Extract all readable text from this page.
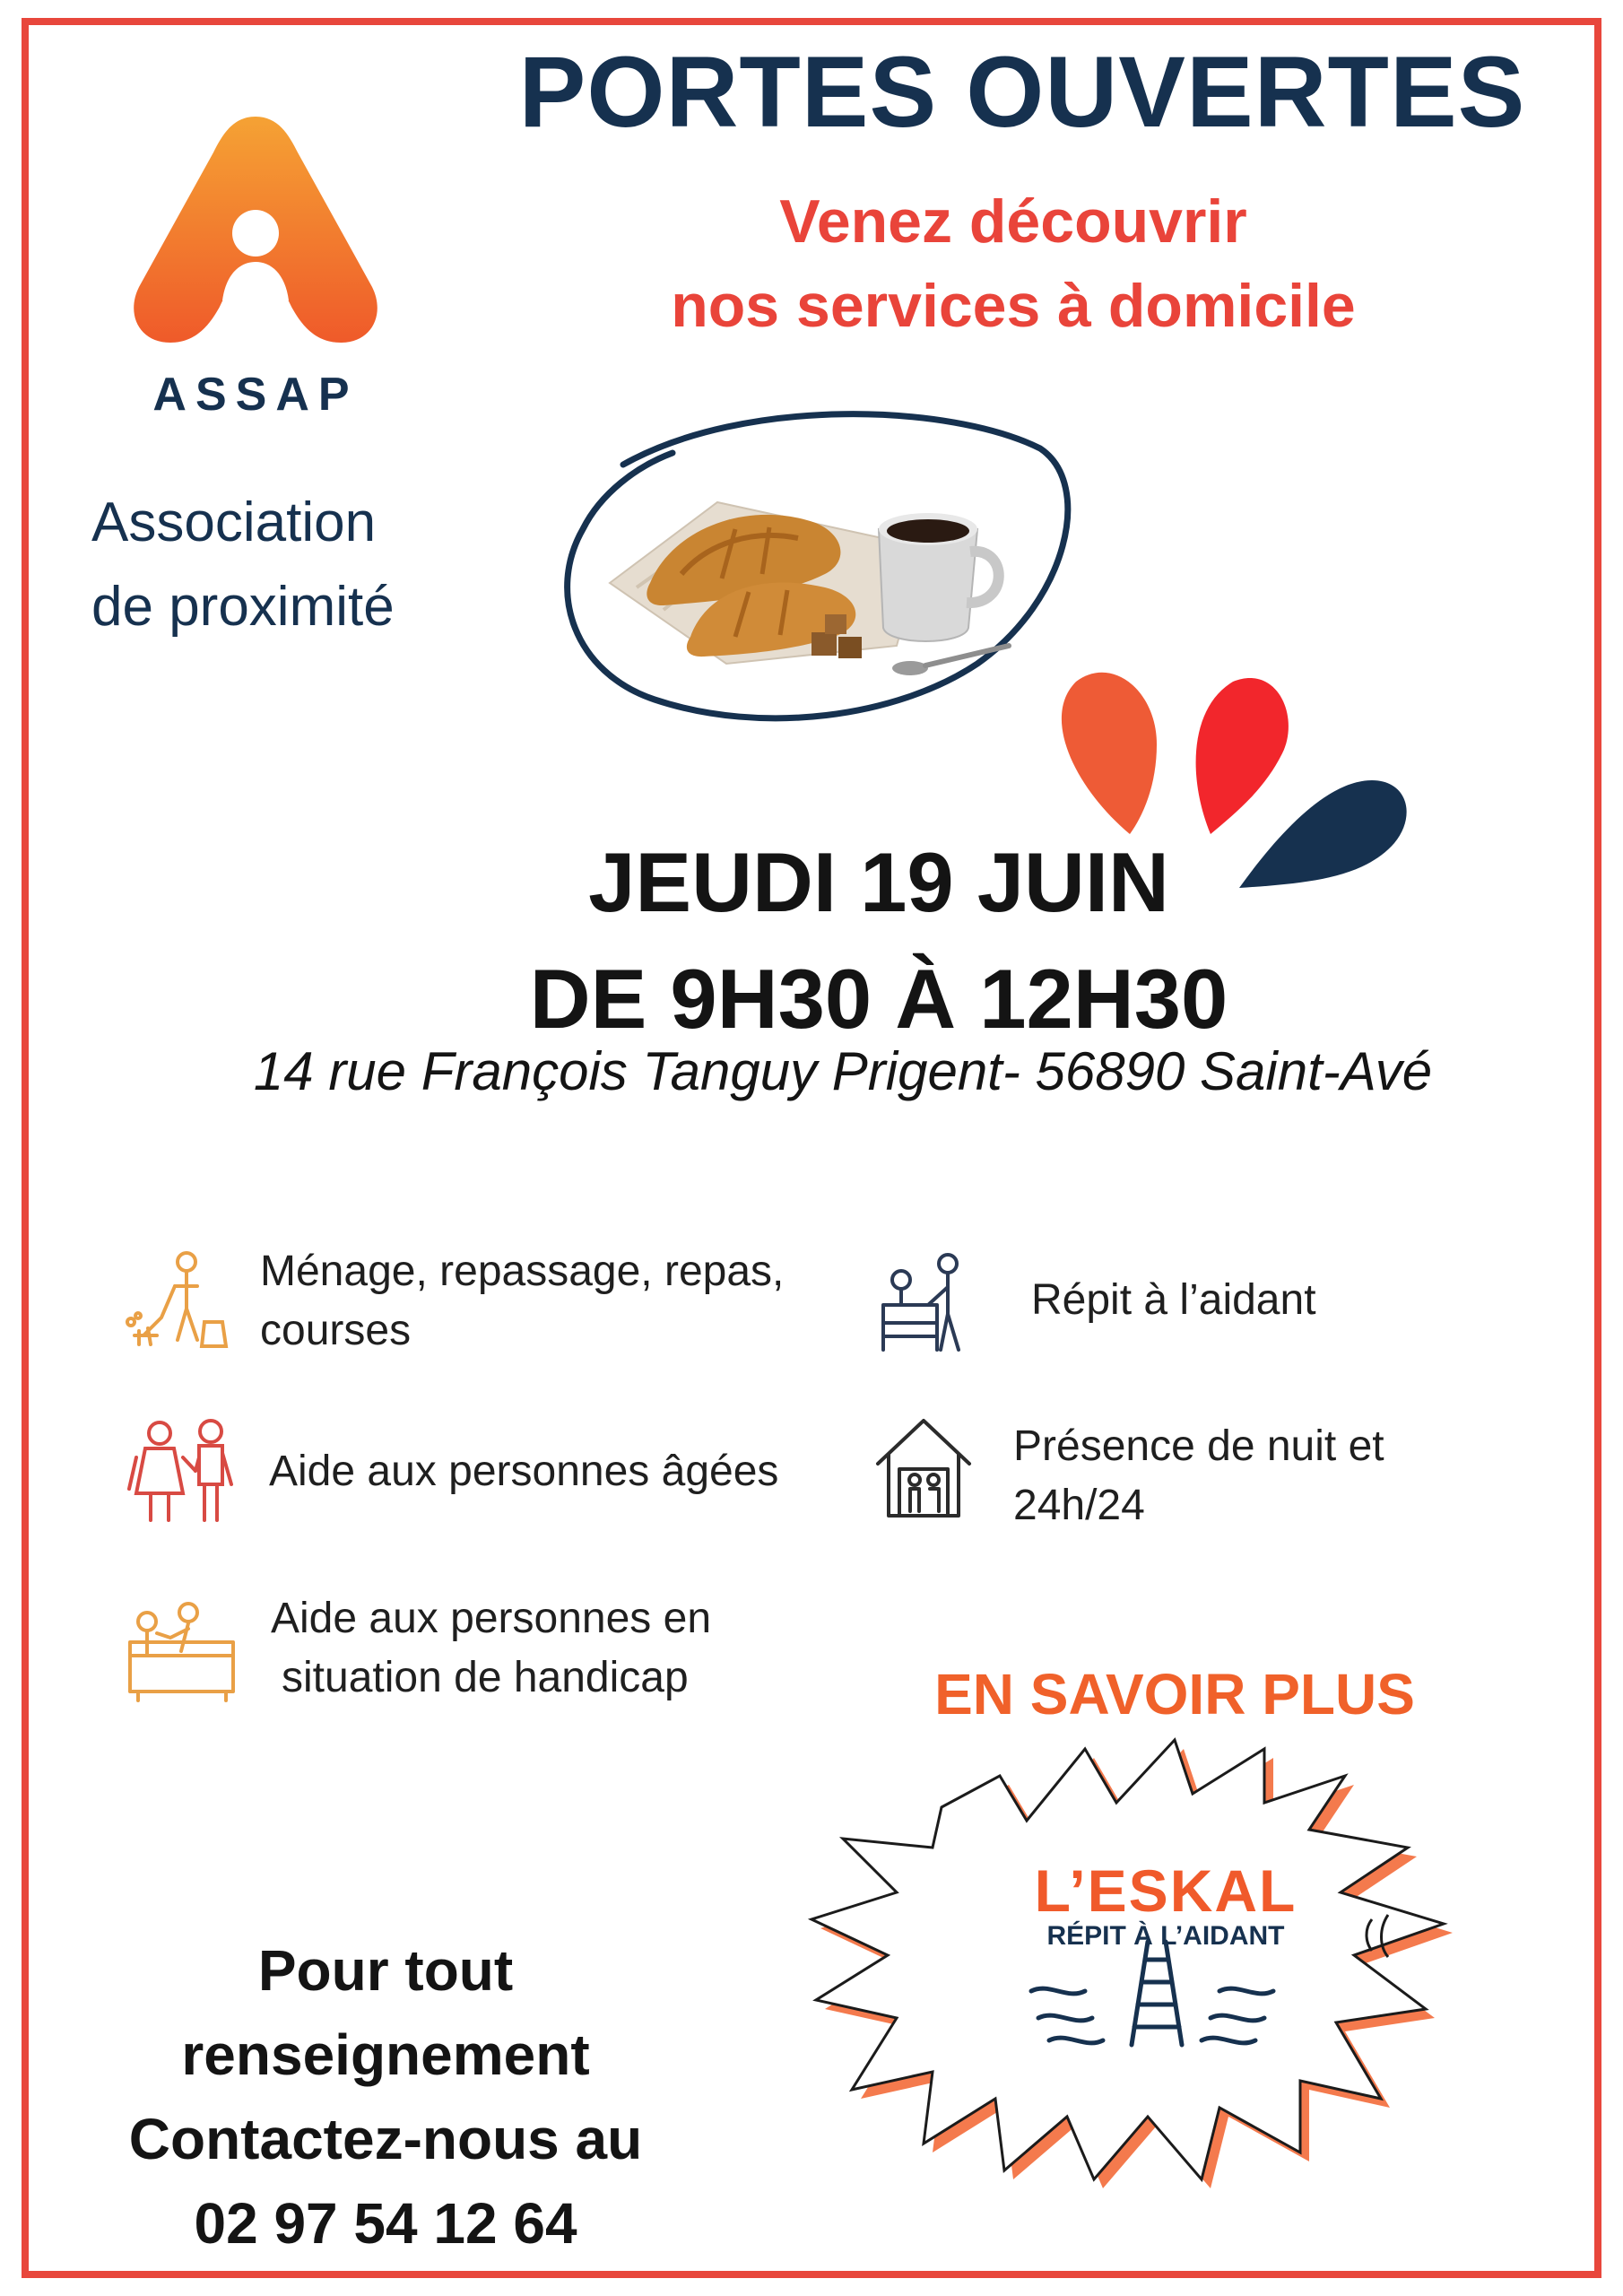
PORTES OUVERTES
Venez découvrir
nos services à domicile
ASSAP
Association
de proximité
JEUDI 19 JUIN
DE 9H30 À 12H30
14 rue François Tanguy Prigent- 56890 Saint-Avé
Ménage, repassage, repas,
courses
Répit à l’aidant
Aide aux personnes âgées
Présence de nuit et 24h/24
Aide aux personnes en
situation de handicap	EN SAVOIR PLUS
L’ESKAL
RÉPIT À L’AIDANT
Pour tout
renseignement
Contactez-nous au
02 97 54 12 64
